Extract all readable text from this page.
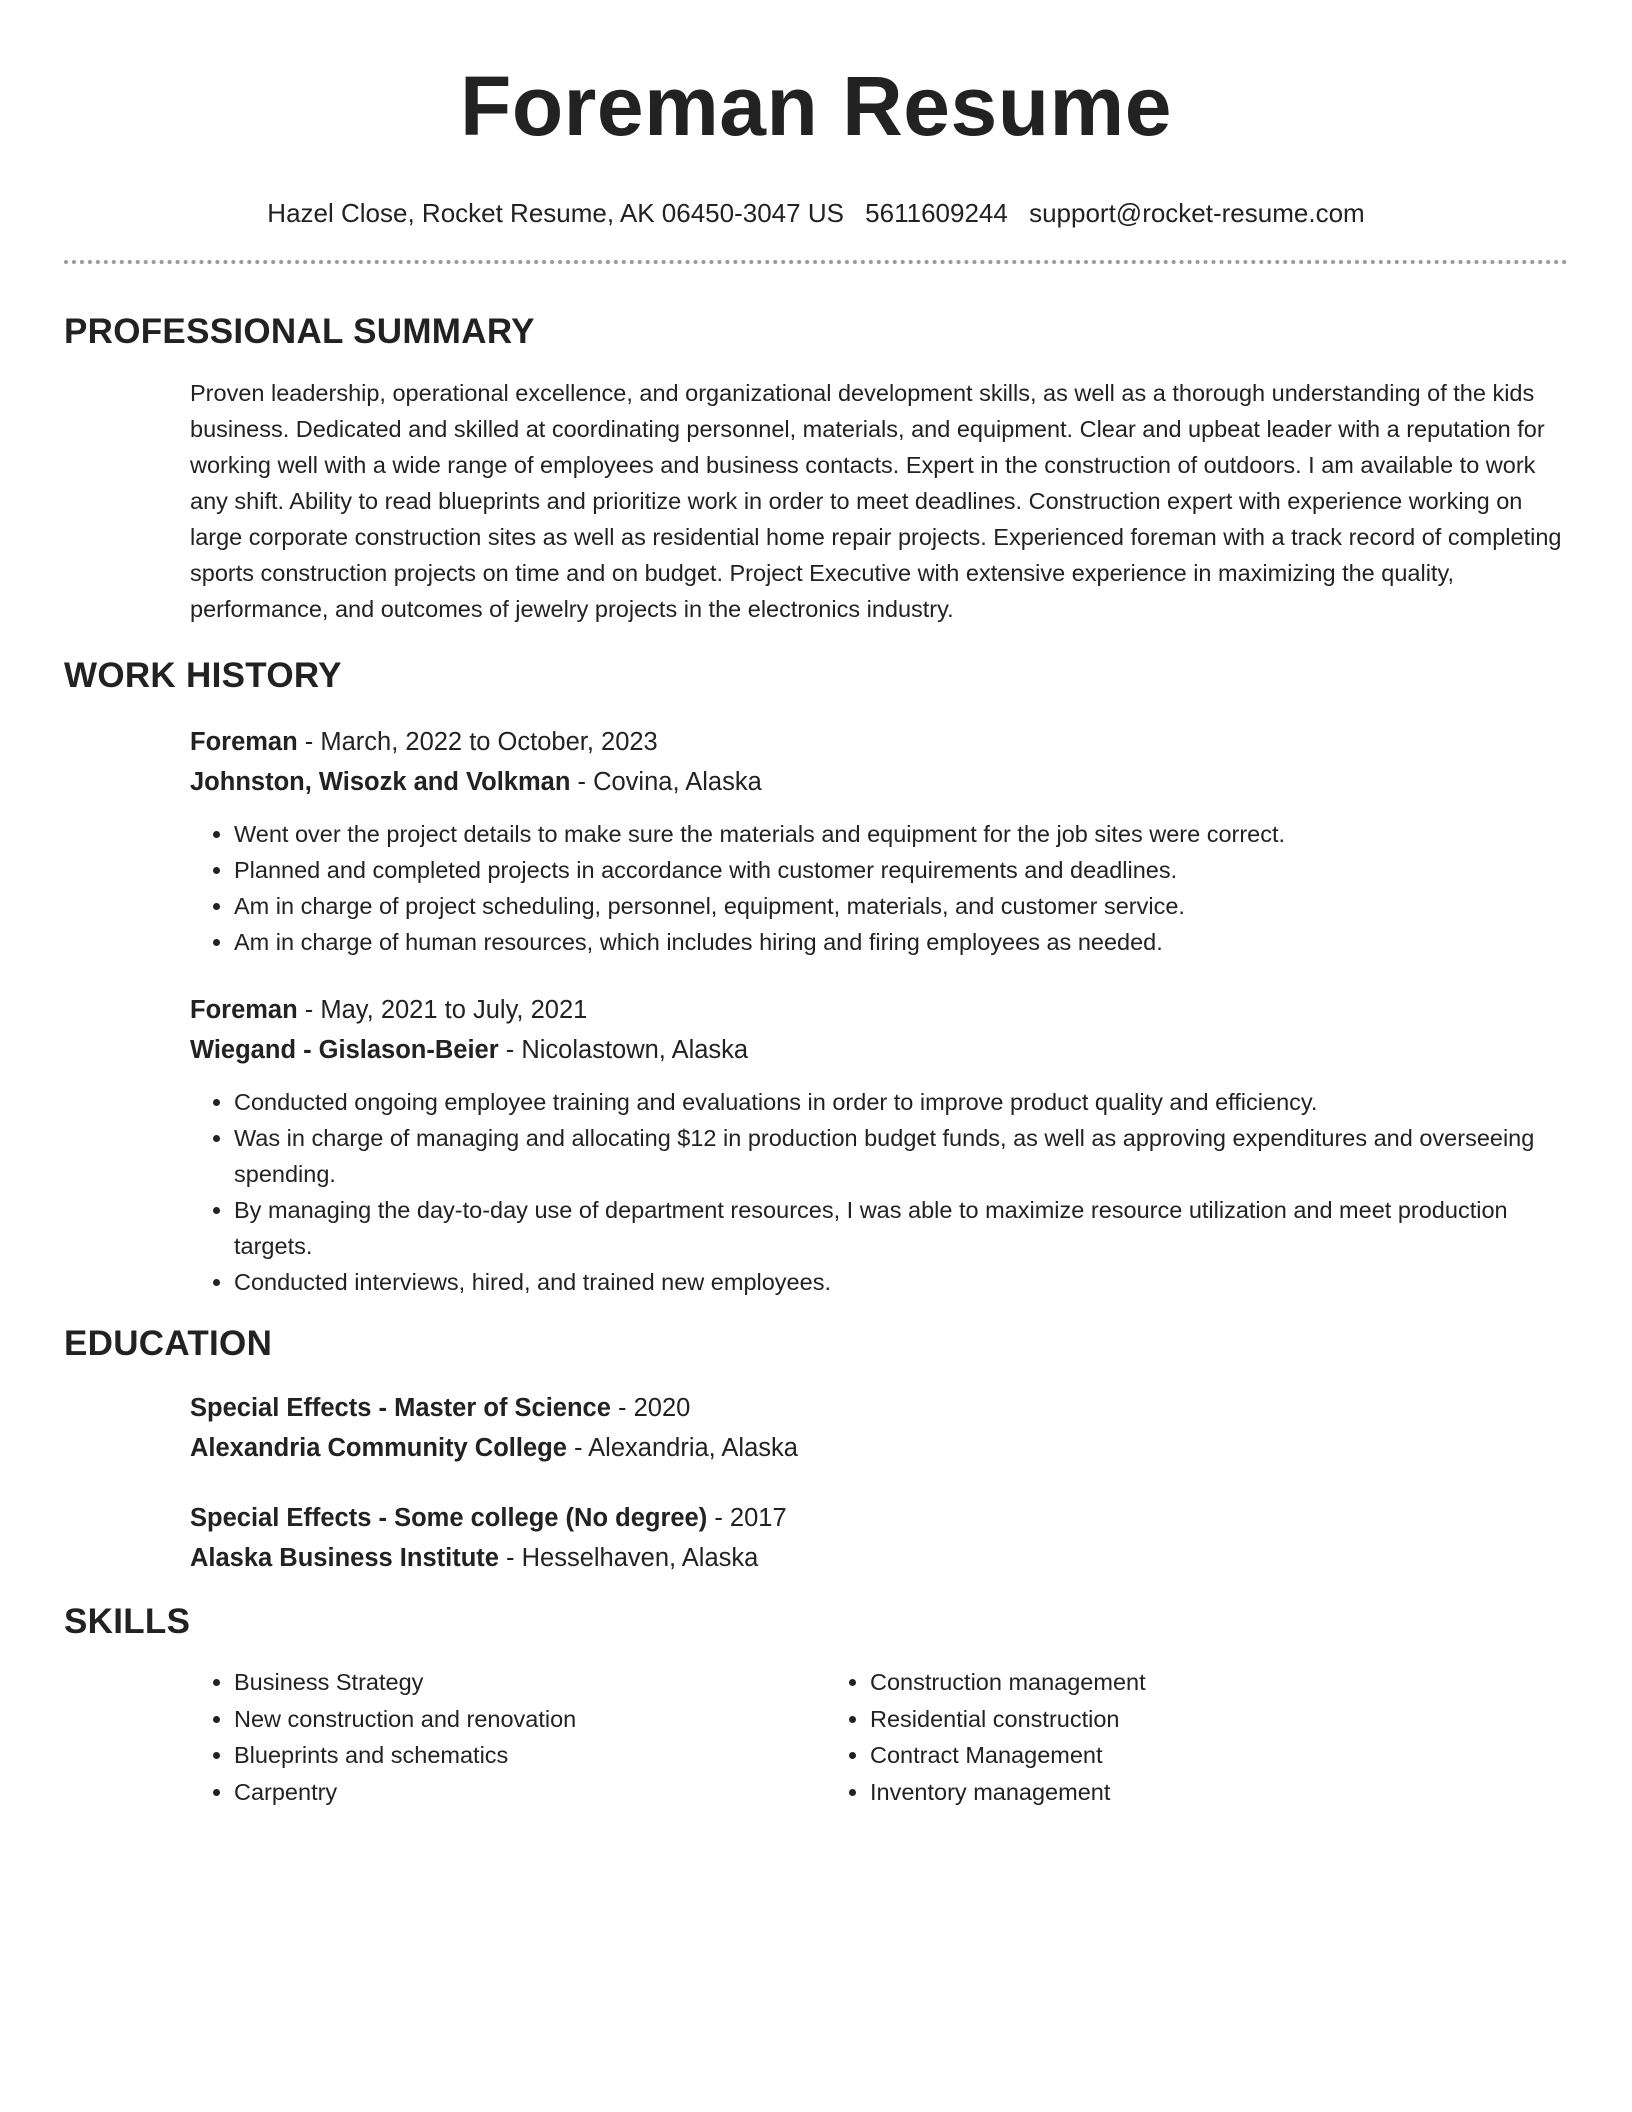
Foreman Resume
Hazel Close, Rocket Resume, AK 06450-3047 US 5611609244 support@rocket-resume.com
PROFESSIONAL SUMMARY
Proven leadership, operational excellence, and organizational development skills, as well as a thorough understanding of the kids business. Dedicated and skilled at coordinating personnel, materials, and equipment. Clear and upbeat leader with a reputation for working well with a wide range of employees and business contacts. Expert in the construction of outdoors. I am available to work any shift. Ability to read blueprints and prioritize work in order to meet deadlines. Construction expert with experience working on large corporate construction sites as well as residential home repair projects. Experienced foreman with a track record of completing sports construction projects on time and on budget. Project Executive with extensive experience in maximizing the quality, performance, and outcomes of jewelry projects in the electronics industry.
WORK HISTORY
Foreman - March, 2022 to October, 2023
Johnston, Wisozk and Volkman - Covina, Alaska
• Went over the project details to make sure the materials and equipment for the job sites were correct.
• Planned and completed projects in accordance with customer requirements and deadlines.
• Am in charge of project scheduling, personnel, equipment, materials, and customer service.
• Am in charge of human resources, which includes hiring and firing employees as needed.
Foreman - May, 2021 to July, 2021
Wiegand - Gislason-Beier - Nicolastown, Alaska
• Conducted ongoing employee training and evaluations in order to improve product quality and efficiency.
• Was in charge of managing and allocating $12 in production budget funds, as well as approving expenditures and overseeing spending.
• By managing the day-to-day use of department resources, I was able to maximize resource utilization and meet production targets.
• Conducted interviews, hired, and trained new employees.
EDUCATION
Special Effects - Master of Science - 2020
Alexandria Community College - Alexandria, Alaska
Special Effects - Some college (No degree) - 2017
Alaska Business Institute - Hesselhaven, Alaska
SKILLS
• Business Strategy
• New construction and renovation
• Blueprints and schematics
• Carpentry
• Construction management
• Residential construction
• Contract Management
• Inventory management
